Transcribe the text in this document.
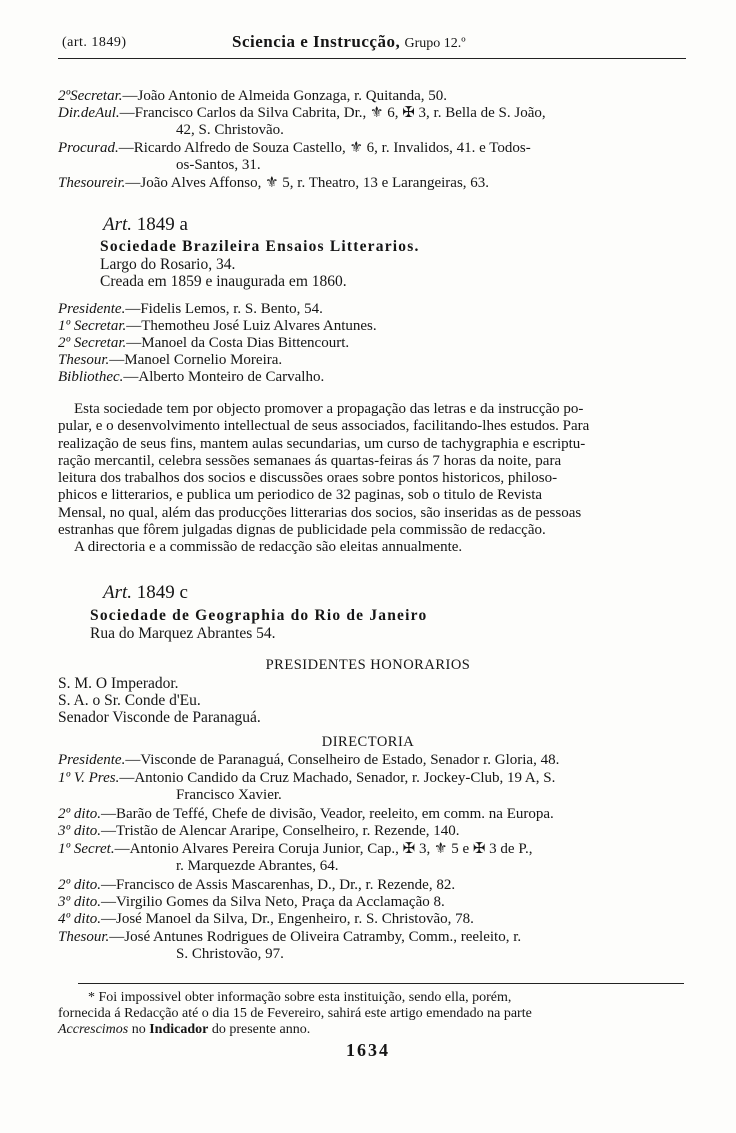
(art. 1849)	Sciencia e Instrucção, Grupo 12.º
2ºSecretar.—João Antonio de Almeida Gonzaga, r. Quitanda, 50.
Dir.deAul.—Francisco Carlos da Silva Cabrita, Dr., ⚜ 6, ✠ 3, r. Bella de S. João,
42, S. Christovão.
Procurad.—Ricardo Alfredo de Souza Castello, ⚜ 6, r. Invalidos, 41. e Todos-
os-Santos, 31.
Thesoureir.—João Alves Affonso, ⚜ 5, r. Theatro, 13 e Larangeiras, 63.
Art. 1849 a
Sociedade Brazileira Ensaios Litterarios.
Largo do Rosario, 34.
Creada em 1859 e inaugurada em 1860.
Presidente.—Fidelis Lemos, r. S. Bento, 54.
1º Secretar.—Themotheu José Luiz Alvares Antunes.
2º Secretar.—Manoel da Costa Dias Bittencourt.
Thesour.—Manoel Cornelio Moreira.
Bibliothec.—Alberto Monteiro de Carvalho.
Esta sociedade tem por objecto promover a propagação das letras e da instrucção po-
pular, e o desenvolvimento intellectual de seus associados, facilitando-lhes estudos. Para
realização de seus fins, mantem aulas secundarias, um curso de tachygraphia e escriptu-
ração mercantil, celebra sessões semanaes ás quartas-feiras ás 7 horas da noite, para
leitura dos trabalhos dos socios e discussões oraes sobre pontos historicos, philoso-
phicos e litterarios, e publica um periodico de 32 paginas, sob o titulo de Revista
Mensal, no qual, além das producções litterarias dos socios, são inseridas as de pessoas
estranhas que fôrem julgadas dignas de publicidade pela commissão de redacção.
A directoria e a commissão de redacção são eleitas annualmente.
Art. 1849 c
Sociedade de Geographia do Rio de Janeiro
Rua do Marquez Abrantes 54.
PRESIDENTES HONORARIOS
S. M. O Imperador.
S. A. o Sr. Conde d'Eu.
Senador Visconde de Paranaguá.
DIRECTORIA
Presidente.—Visconde de Paranaguá, Conselheiro de Estado, Senador r. Gloria, 48.
1º V. Pres.—Antonio Candido da Cruz Machado, Senador, r. Jockey-Club, 19 A, S.
Francisco Xavier.
2º dito.—Barão de Teffé, Chefe de divisão, Veador, reeleito, em comm. na Europa.
3º dito.—Tristão de Alencar Araripe, Conselheiro, r. Rezende, 140.
1º Secret.—Antonio Alvares Pereira Coruja Junior, Cap., ✠ 3, ⚜ 5 e ✠ 3 de P.,
r. Marquezde Abrantes, 64.
2º dito.—Francisco de Assis Mascarenhas, D., Dr., r. Rezende, 82.
3º dito.—Virgilio Gomes da Silva Neto, Praça da Acclamação 8.
4º dito.—José Manoel da Silva, Dr., Engenheiro, r. S. Christovão, 78.
Thesour.—José Antunes Rodrigues de Oliveira Catramby, Comm., reeleito, r.
S. Christovão, 97.
* Foi impossivel obter informação sobre esta instituição, sendo ella, porém,
fornecida á Redacção até o dia 15 de Fevereiro, sahirá este artigo emendado na parte
Accrescimos no Indicador do presente anno.
1634
